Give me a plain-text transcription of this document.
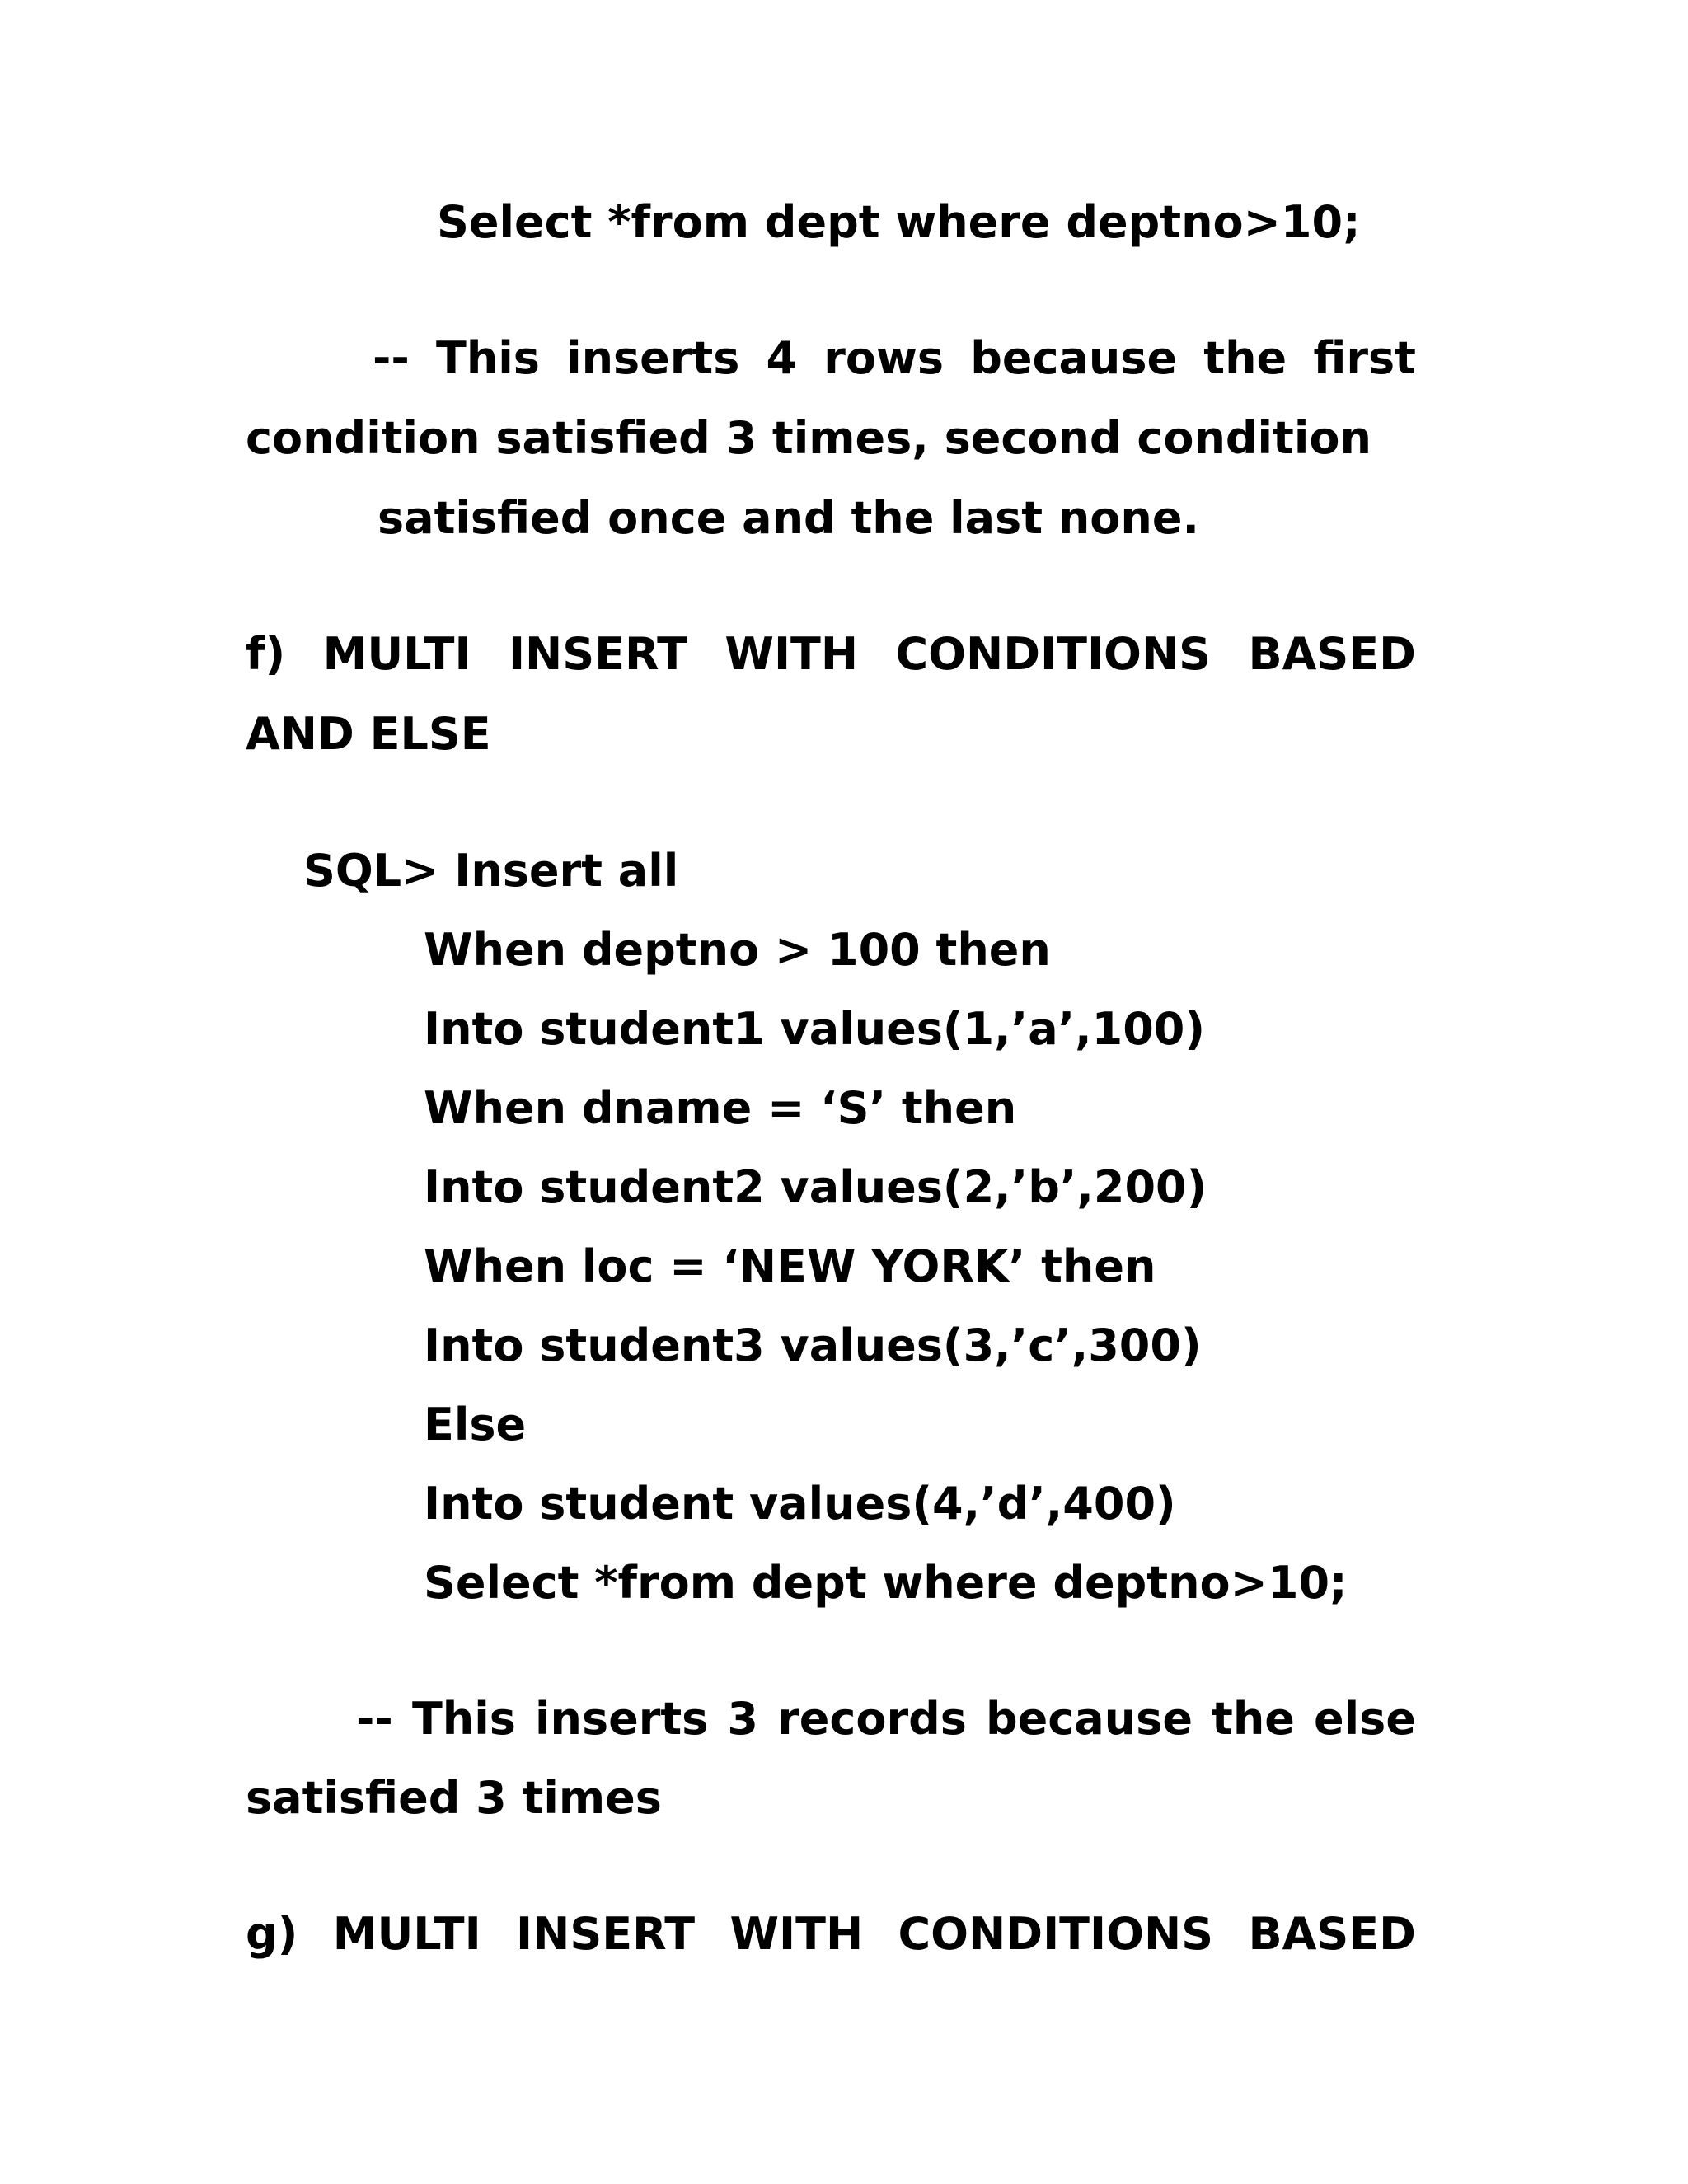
Select *from dept where deptno>10;
-- This inserts 4 rows because the first
condition satisfied 3 times, second condition
satisfied once and the last none.
f) MULTI INSERT WITH CONDITIONS BASED
AND ELSE
SQL> Insert all
When deptno > 100 then
Into student1 values(1,’a’,100)
When dname = ‘S’ then
Into student2 values(2,’b’,200)
When loc = ‘NEW YORK’ then
Into student3 values(3,’c’,300)
Else
Into student values(4,’d’,400)
Select *from dept where deptno>10;
-- This inserts 3 records because the else
satisfied 3 times
g) MULTI INSERT WITH CONDITIONS BASED
